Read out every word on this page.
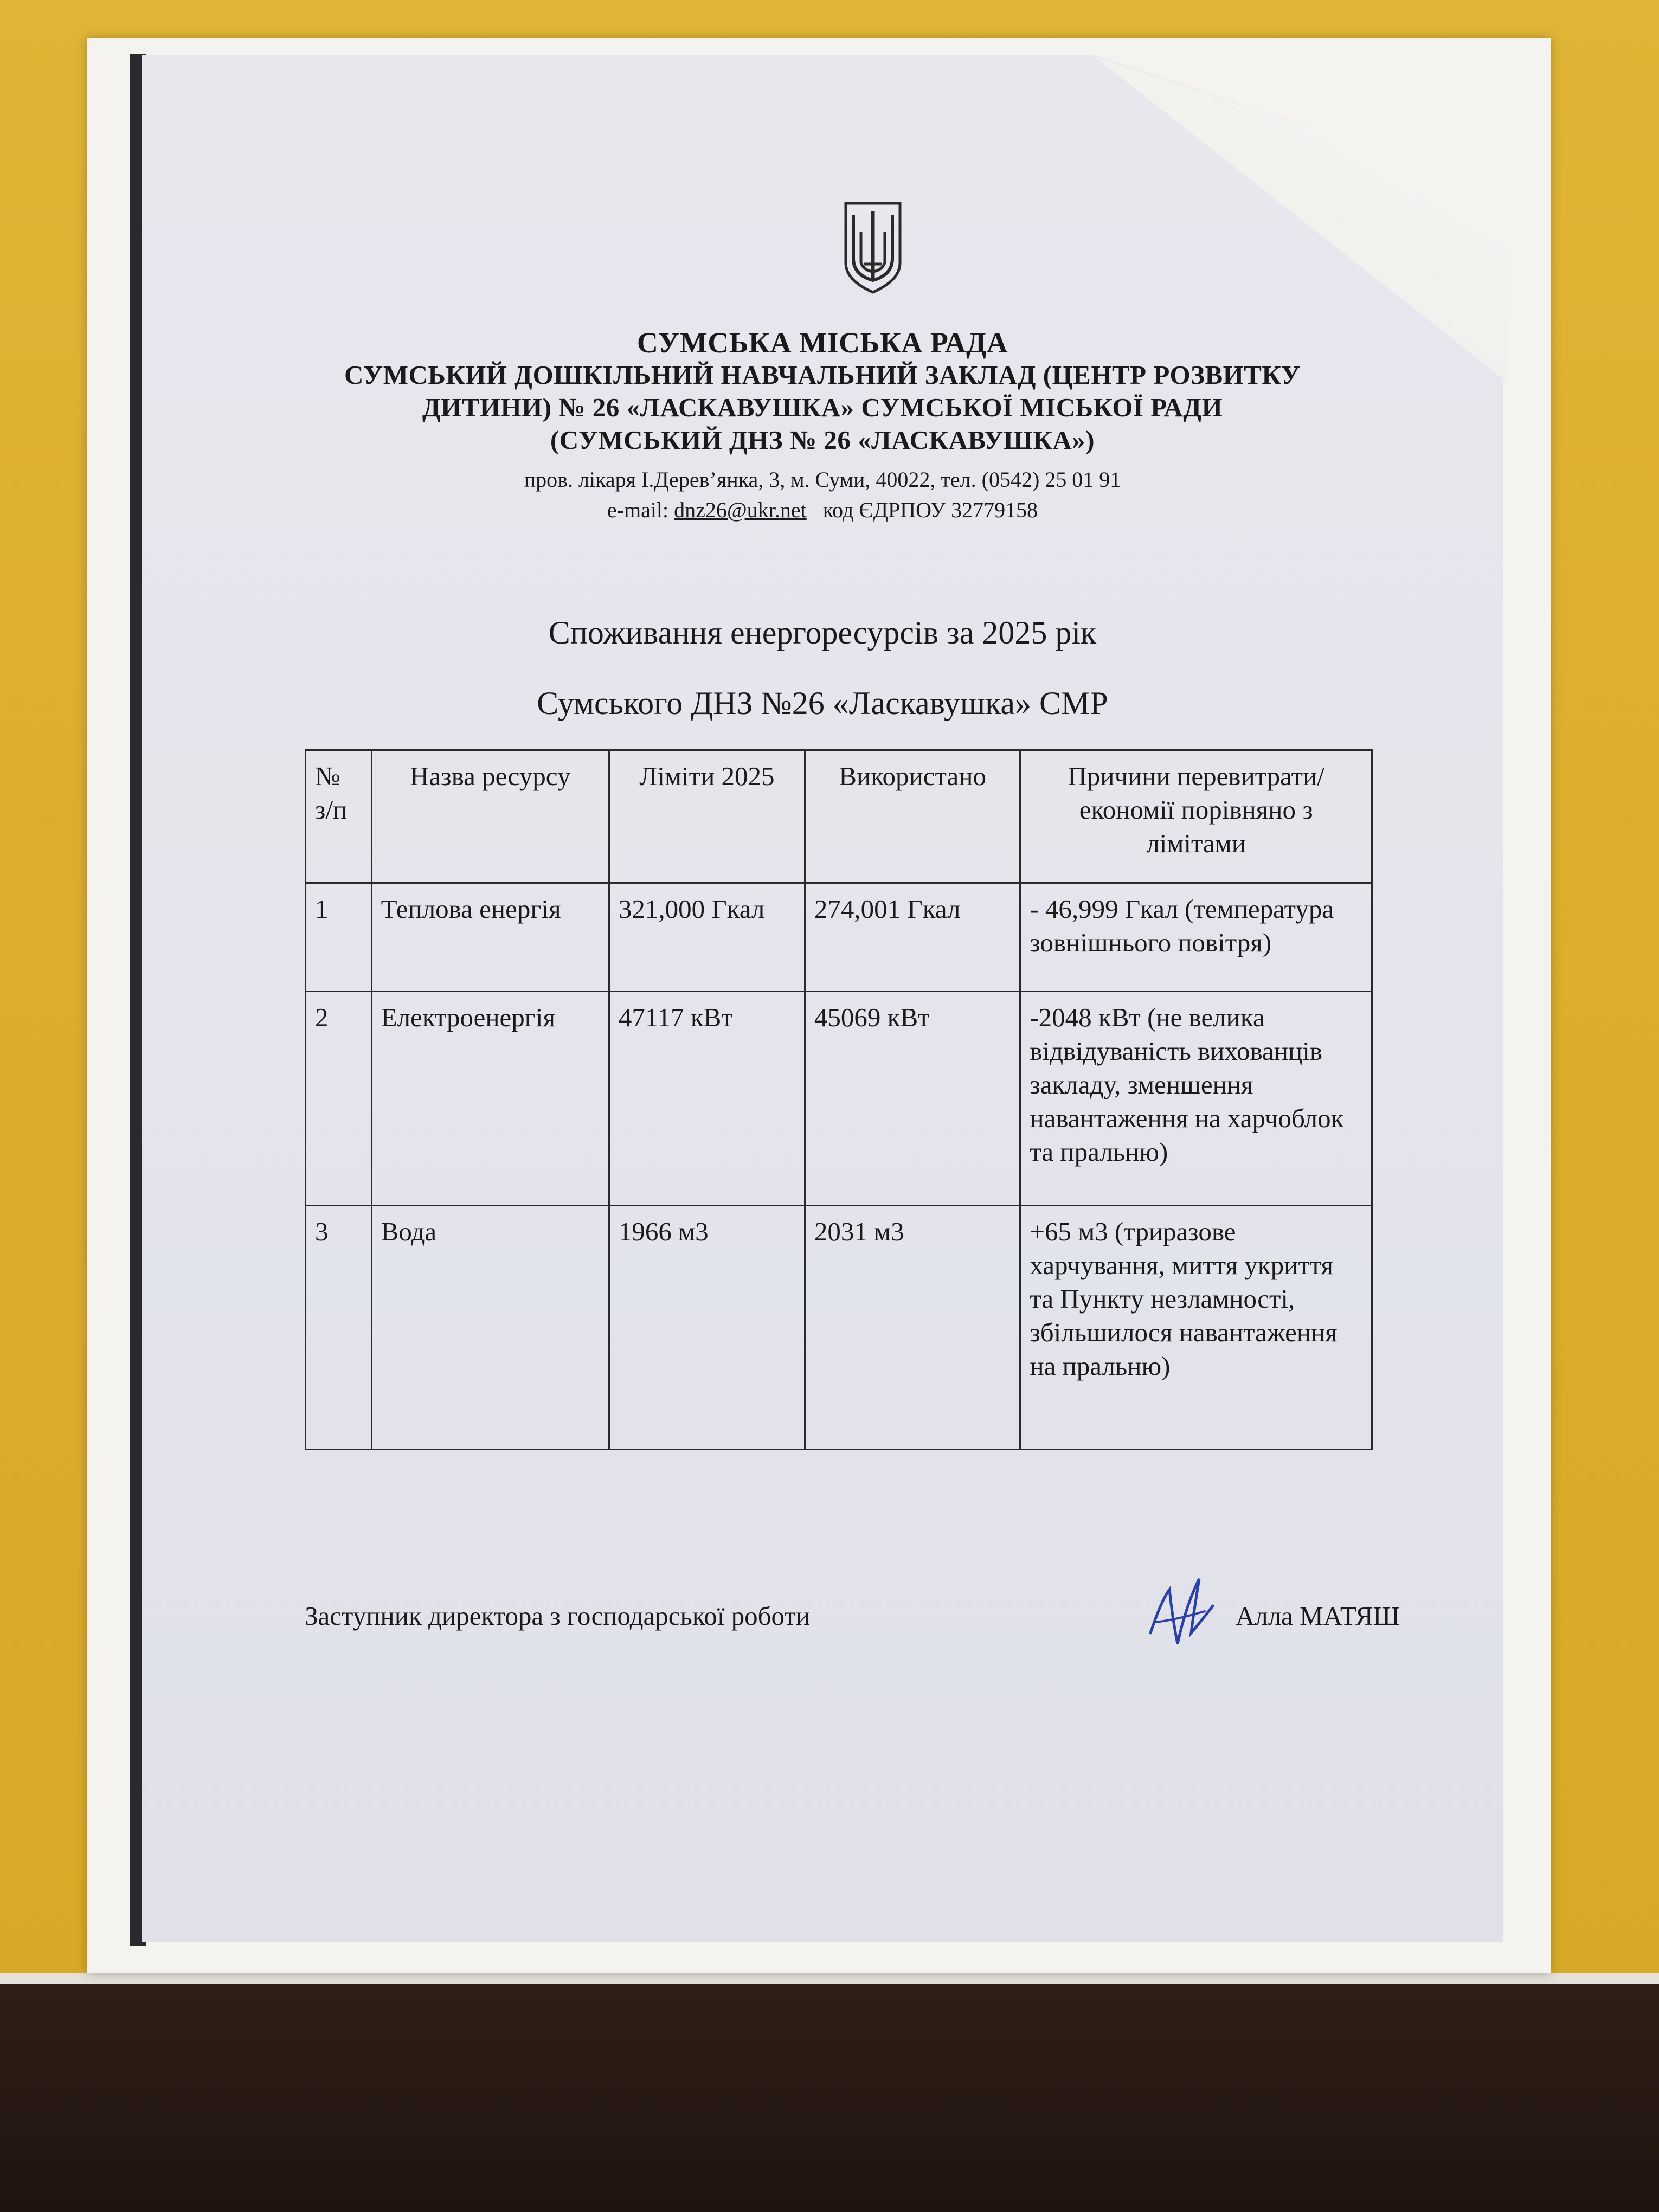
СУМСЬКА МІСЬКА РАДА
СУМСЬКИЙ ДОШКІЛЬНИЙ НАВЧАЛЬНИЙ ЗАКЛАД (ЦЕНТР РОЗВИТКУ
ДИТИНИ) № 26 «ЛАСКАВУШКА» СУМСЬКОЇ МІСЬКОЇ РАДИ
(СУМСЬКИЙ ДНЗ № 26 «ЛАСКАВУШКА»)
пров. лікаря І.Дерев’янка, 3, м. Суми, 40022, тел. (0542) 25 01 91
e-mail: dnz26@ukr.net код ЄДРПОУ 32779158
Споживання енергоресурсів за 2025 рік
Сумського ДНЗ №26 «Ласкавушка» СМР
№ з/п	Назва ресурсу	Ліміти 2025	Використано	Причини перевитрати/ економії порівняно з лімітами
1	Теплова енергія	321,000 Гкал	274,001 Гкал	- 46,999 Гкал (температура зовнішнього повітря)
2	Електроенергія	47117 кВт	45069 кВт	-2048 кВт (не велика відвідуваність вихованців закладу, зменшення навантаження на харчоблок та пральню)
3	Вода	1966 м3	2031 м3	+65 м3 (триразове харчування, миття укриття та Пункту незламності, збільшилося навантаження на пральню)
Заступник директора з господарської роботи	Алла МАТЯШ
